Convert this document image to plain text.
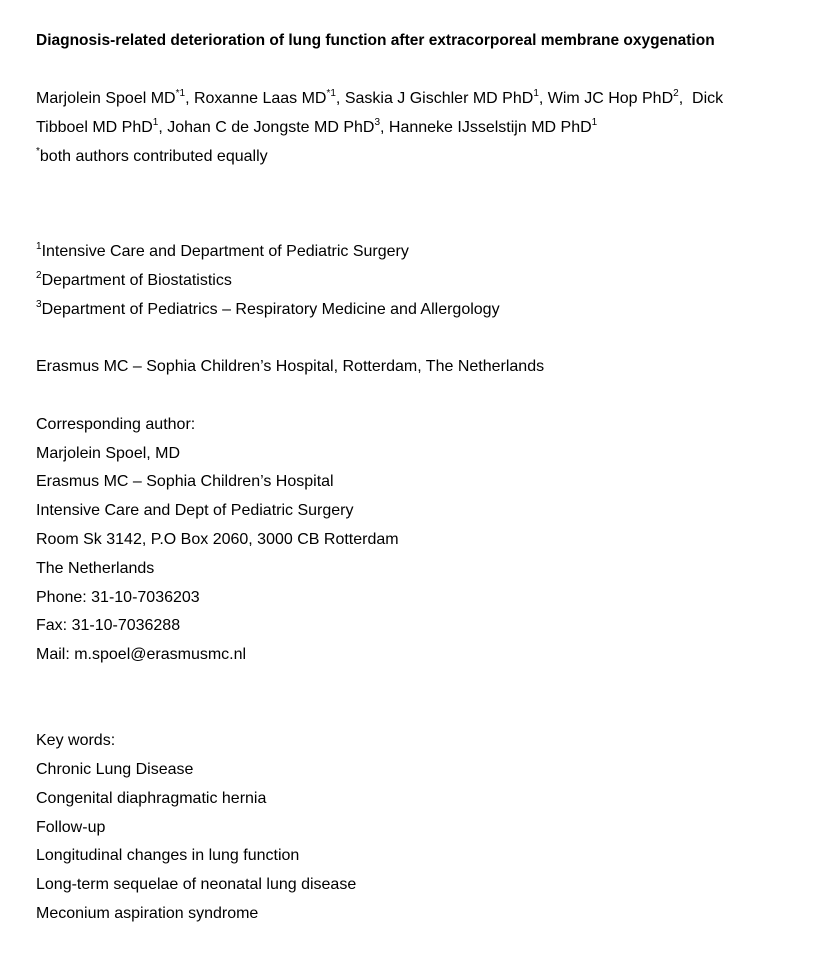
Diagnosis-related deterioration of lung function after extracorporeal membrane oxygenation
Marjolein Spoel MD$^{*1}$, Roxanne Laas MD$^{*1}$, Saskia J Gischler MD PhD$^1$, Wim JC Hop PhD$^2$,  Dick
Tibboel MD PhD$^1$, Johan C de Jongste MD PhD$^3$, Hanneke IJsselstijn MD PhD$^1$
*both authors contributed equally
$^1$Intensive Care and Department of Pediatric Surgery
$^2$Department of Biostatistics
$^3$Department of Pediatrics – Respiratory Medicine and Allergology
Erasmus MC – Sophia Children’s Hospital, Rotterdam, The Netherlands
Corresponding author:
Marjolein Spoel, MD
Erasmus MC – Sophia Children’s Hospital
Intensive Care and Dept of Pediatric Surgery
Room Sk 3142, P.O Box 2060, 3000 CB Rotterdam
The Netherlands
Phone: 31-10-7036203
Fax: 31-10-7036288
Mail: m.spoel@erasmusmc.nl
Key words:
Chronic Lung Disease
Congenital diaphragmatic hernia
Follow-up
Longitudinal changes in lung function
Long-term sequelae of neonatal lung disease
Meconium aspiration syndrome
